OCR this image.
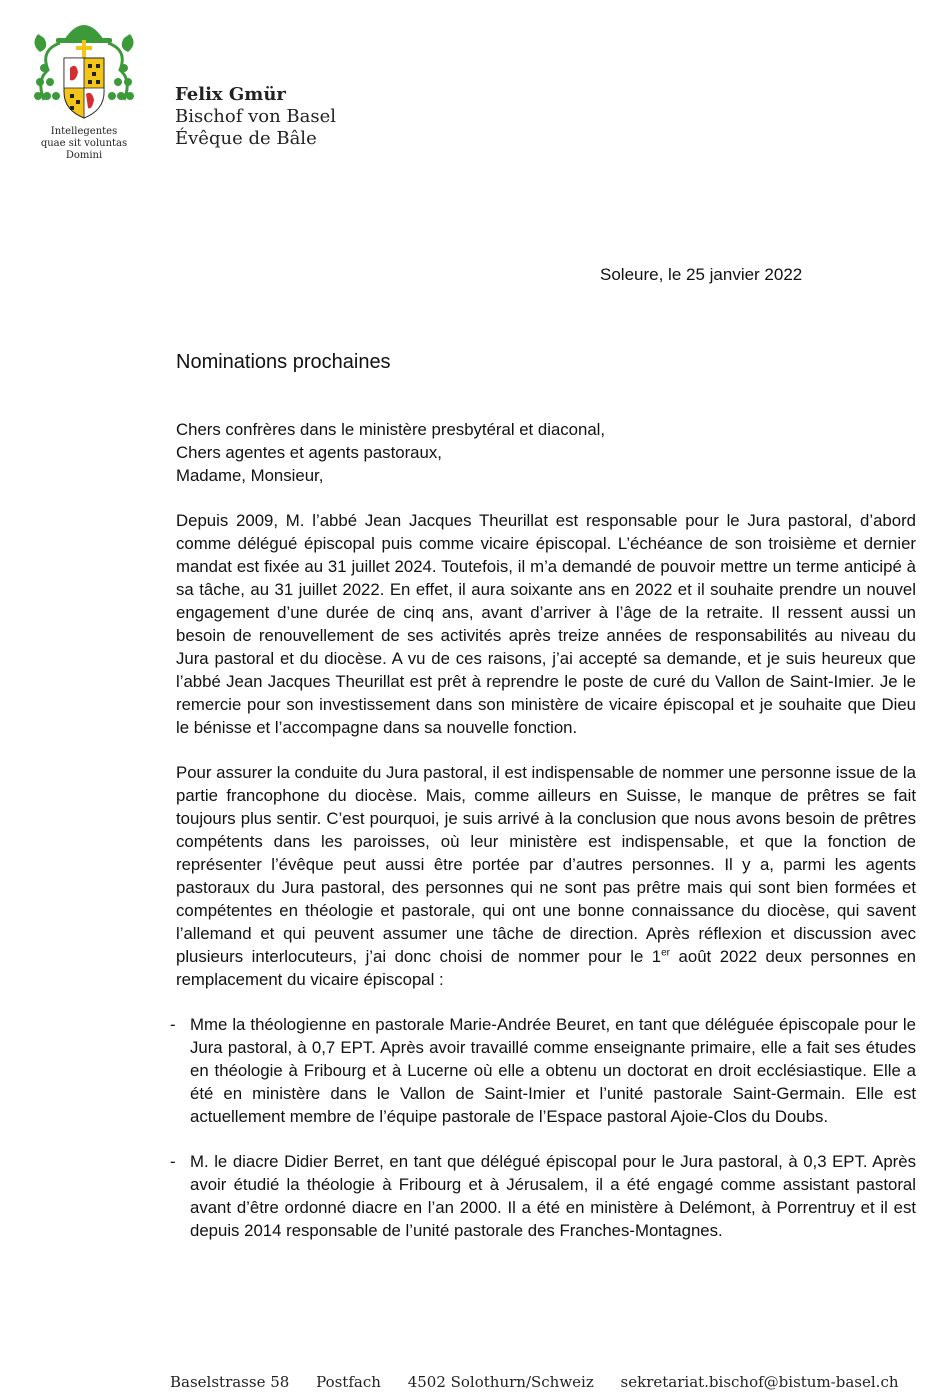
Intellegentes
quae sit voluntas Domini
Felix Gmür
Bischof von Basel
Évêque de Bâle
Soleure, le 25 janvier 2022
Nominations prochaines

Chers confrères dans le ministère presbytéral et diaconal,

Chers agentes et agents pastoraux,

Madame, Monsieur,

Depuis 2009, M. l’abbé Jean Jacques Theurillat est responsable pour le Jura pastoral, d’abord comme délégué épiscopal puis comme vicaire épiscopal. L’échéance de son troisième et dernier mandat est fixée au 31 juillet 2024. Toutefois, il m’a demandé de pouvoir mettre un terme anticipé à sa tâche, au 31 juillet 2022. En effet, il aura soixante ans en 2022 et il souhaite prendre un nouvel engagement d’une durée de cinq ans, avant d’arriver à l’âge de la retraite. Il ressent aussi un besoin de renouvellement de ses activités après treize années de responsabilités au niveau du Jura pastoral et du diocèse. A vu de ces raisons, j’ai accepté sa demande, et je suis heureux que l’abbé Jean Jacques Theurillat est prêt à reprendre le poste de curé du Vallon de Saint-Imier. Je le remercie pour son investissement dans son ministère de vicaire épiscopal et je souhaite que Dieu le bénisse et l’accompagne dans sa nouvelle fonction.

Pour assurer la conduite du Jura pastoral, il est indispensable de nommer une personne issue de la partie francophone du diocèse. Mais, comme ailleurs en Suisse, le manque de prêtres se fait toujours plus sentir. C’est pourquoi, je suis arrivé à la conclusion que nous avons besoin de prêtres compétents dans les paroisses, où leur ministère est indispensable, et que la fonction de représenter l’évêque peut aussi être portée par d’autres personnes. Il y a, parmi les agents pastoraux du Jura pastoral, des personnes qui ne sont pas prêtre mais qui sont bien formées et compétentes en théologie et pastorale, qui ont une bonne connaissance du diocèse, qui savent l’allemand et qui peuvent assumer une tâche de direction. Après réflexion et discussion avec plusieurs interlocuteurs, j’ai donc choisi de nommer pour le 1er août 2022 deux personnes en remplacement du vicaire épiscopal :

- Mme la théologienne en pastorale Marie-Andrée Beuret, en tant que déléguée épiscopale pour le Jura pastoral, à 0,7 EPT. Après avoir travaillé comme enseignante primaire, elle a fait ses études en théologie à Fribourg et à Lucerne où elle a obtenu un doctorat en droit ecclésiastique. Elle a été en ministère dans le Vallon de Saint-Imier et l’unité pastorale Saint-Germain. Elle est actuellement membre de l’équipe pastorale de l’Espace pastoral Ajoie-Clos du Doubs.
- M. le diacre Didier Berret, en tant que délégué épiscopal pour le Jura pastoral, à 0,3 EPT. Après avoir étudié la théologie à Fribourg et à Jérusalem, il a été engagé comme assistant pastoral avant d’être ordonné diacre en l’an 2000. Il a été en ministère à Delémont, à Porrentruy et il est depuis 2014 responsable de l’unité pastorale des Franches-Montagnes.
Baselstrasse 58 Postfach 4502 Solothurn/Schweiz sekretariat.bischof@bistum-basel.ch
